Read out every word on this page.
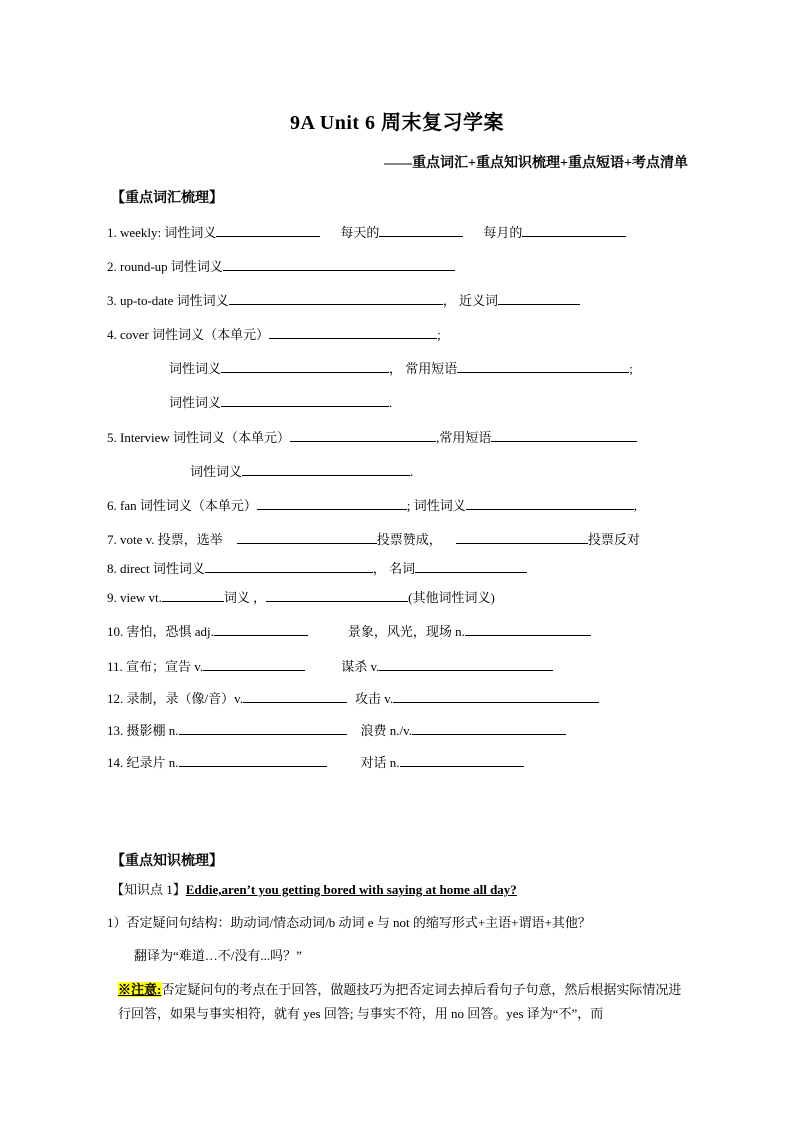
9A Unit 6 周末复习学案
——重点词汇+重点知识梳理+重点短语+考点清单
【重点词汇梳理】
1. weekly: 词性词义	每天的	每月的
2. round-up 词性词义
3. up-to-date 词性词义	， 近义词
4. cover 词性词义（本单元）	;
词性词义	， 常用短语	;
词性词义	.
5. Interview 词性词义（本单元）	,常用短语
词性词义	.
6. fan 词性词义（本单元）	; 词性词义	,
7. vote v. 投票，选举	投票赞成，	投票反对
8. direct 词性词义	， 名词
9. view vt.	词义 ，	(其他词性词义)
10. 害怕，恐惧 adj.	景象，风光，现场 n.
11. 宣布；宣告 v.	谋杀 v.
12. 录制，录（像/音）v.	攻击 v.
13. 摄影棚 n.	浪费 n./v.
14. 纪录片 n.	对话 n.
【重点知识梳理】
【知识点 1】Eddie,aren’t you getting bored with saying at home all day?
1）否定疑问句结构：助动词/情态动词/b 动词 e 与 not 的缩写形式+主语+谓语+其他？
翻译为“难道…不/没有...吗？”
※注意:否定疑问句的考点在于回答，做题技巧为把否定词去掉后看句子句意，然后根据实际情况进行回答，如果与事实相符，就有 yes 回答; 与事实不符，用 no 回答。yes 译为“不”，而
